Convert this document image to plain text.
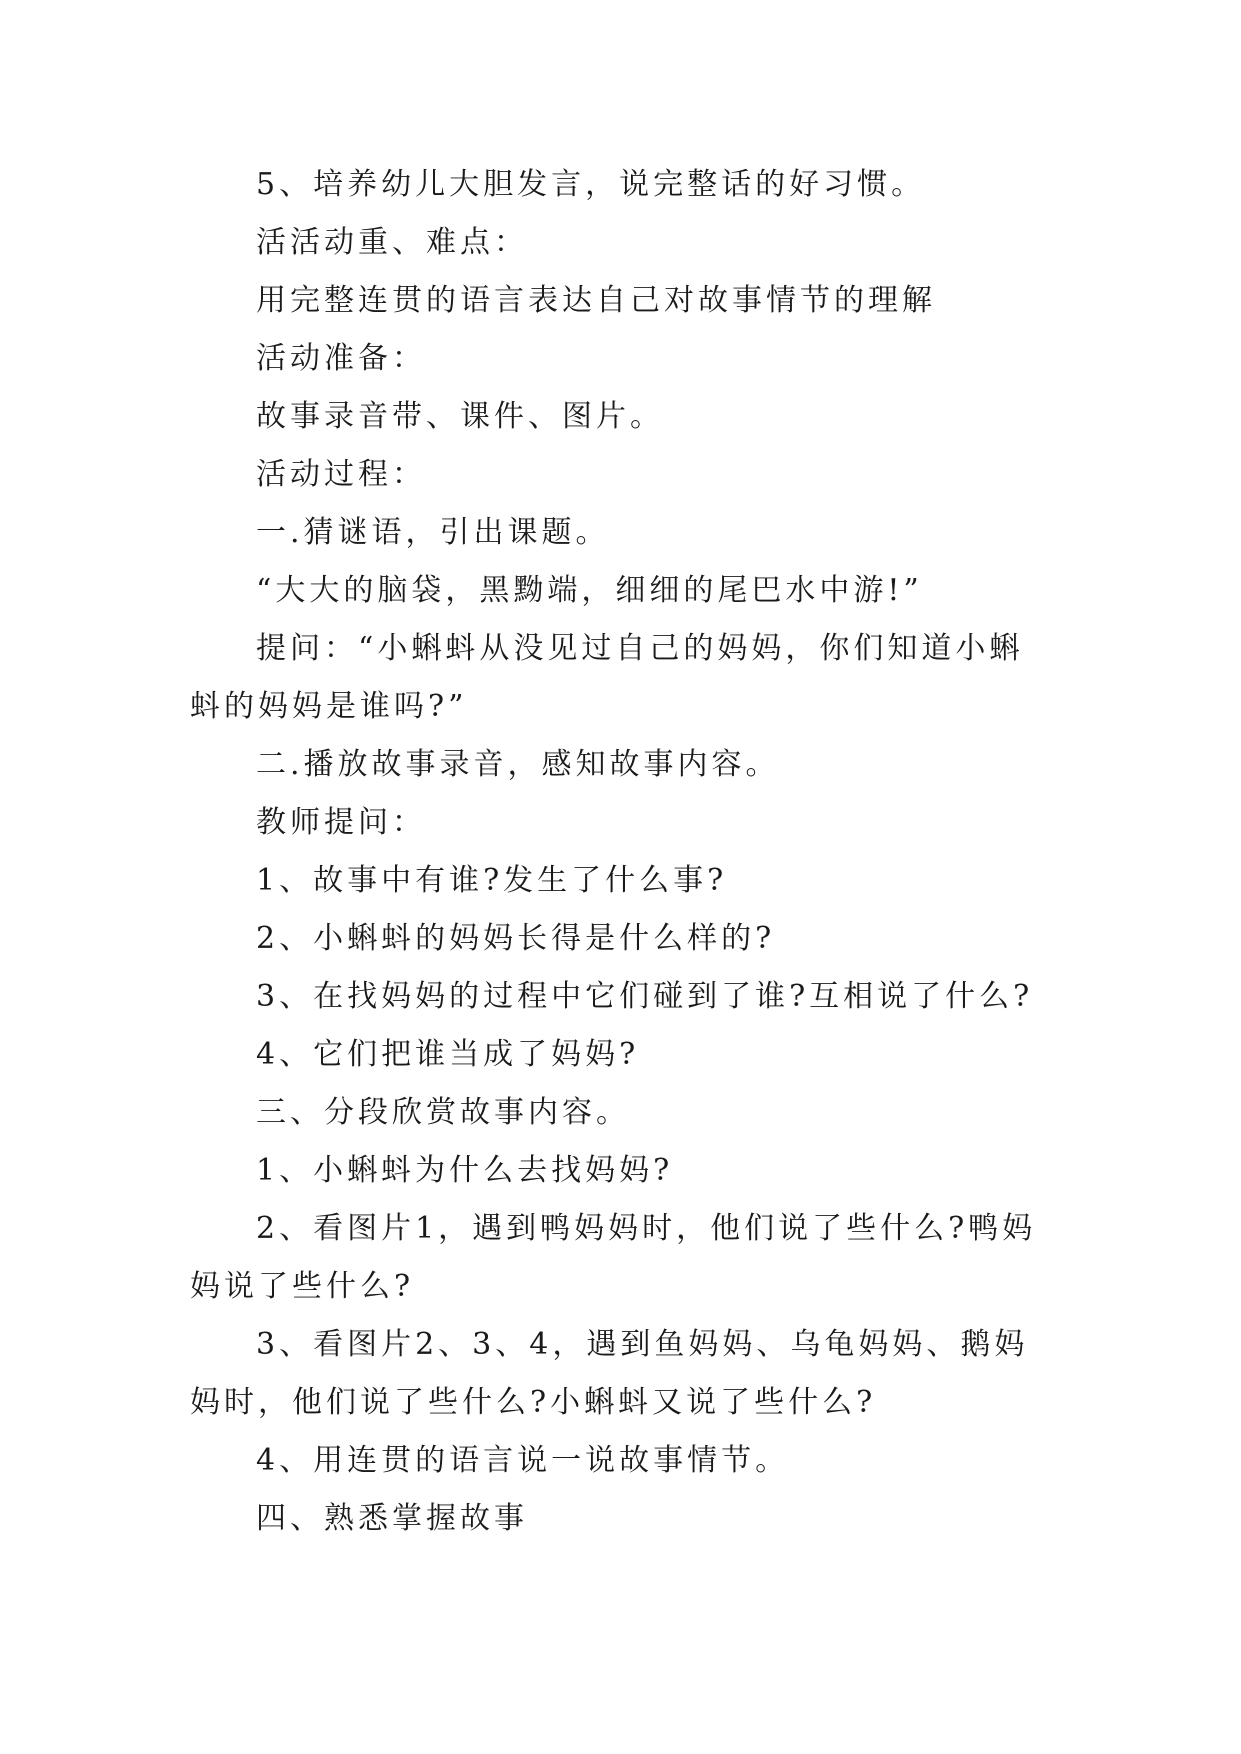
5、培养幼儿大胆发言，说完整话的好习惯。

活活动重、难点：

用完整连贯的语言表达自己对故事情节的理解

活动准备：

故事录音带、课件、图片。

活动过程：

一.猜谜语，引出课题。

“大大的脑袋，黑黝端，细细的尾巴水中游!”

提问：“小蝌蚪从没见过自己的妈妈，你们知道小蝌蚪的妈妈是谁吗?”

二.播放故事录音，感知故事内容。

教师提问：

1、故事中有谁?发生了什么事?

2、小蝌蚪的妈妈长得是什么样的?

3、在找妈妈的过程中它们碰到了谁?互相说了什么?

4、它们把谁当成了妈妈?

三、分段欣赏故事内容。

1、小蝌蚪为什么去找妈妈?

2、看图片1，遇到鸭妈妈时，他们说了些什么?鸭妈妈说了些什么?

3、看图片2、3、4，遇到鱼妈妈、乌龟妈妈、鹅妈妈时，他们说了些什么?小蝌蚪又说了些什么?

4、用连贯的语言说一说故事情节。

四、熟悉掌握故事
